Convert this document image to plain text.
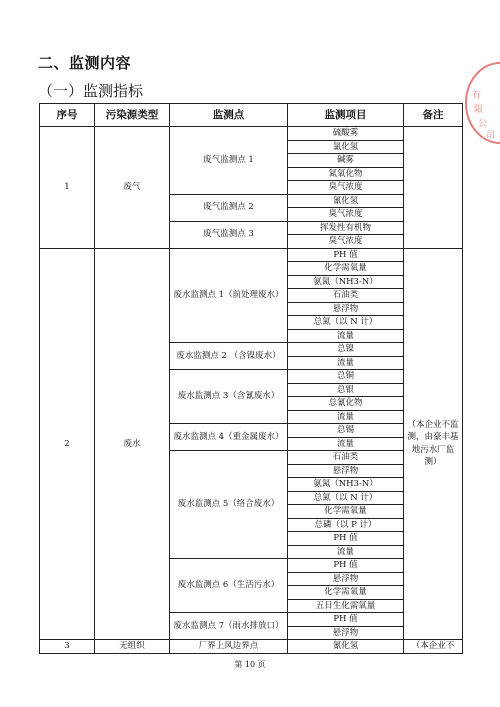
二、监测内容
（一）监测指标
序号	污染源类型	监测点	监测项目	备注
1	废气	废气监测点 1	硫酸雾	
			氯化氢	
			碱雾	
			氮氧化物	
			臭气浓度	
		废气监测点 2	氰化氢	
			臭气浓度	
		废气监测点 3	挥发性有机物	
			臭气浓度	
2	废水	废水监测点 1（前处理废水）	PH 值	（本企业不监测，由豪丰基地污水厂监测）
			化学需氧量	
			氨氮（NH3-N）	
			石油类	
			悬浮物	
			总氮（以 N 计）	
			流量	
		废水监测点 2 （含镍废水）	总镍	
			流量	
		废水监测点 3（含氰废水）	总铜	
			总银	
			总氰化物	
			流量	
		废水监测点 4（重金属废水）	总锡	
			流量	
		废水监测点 5（络合废水）	石油类	
			悬浮物	
			氨氮（NH3-N）	
			总氮（以 N 计）	
			化学需氧量	
			总磷（以 P 计）	
			PH 值	
			流量	
		废水监测点 6（生活污水）	PH 值	
			悬浮物	
			化学需氧量	
			五日生化需氧量	
		废水监测点 7（雨水排放口）	PH 值	
			悬浮物	
3	无组织	厂界上风边界点	氰化氢	（本企业不
第 10 页
有
限
公
司
